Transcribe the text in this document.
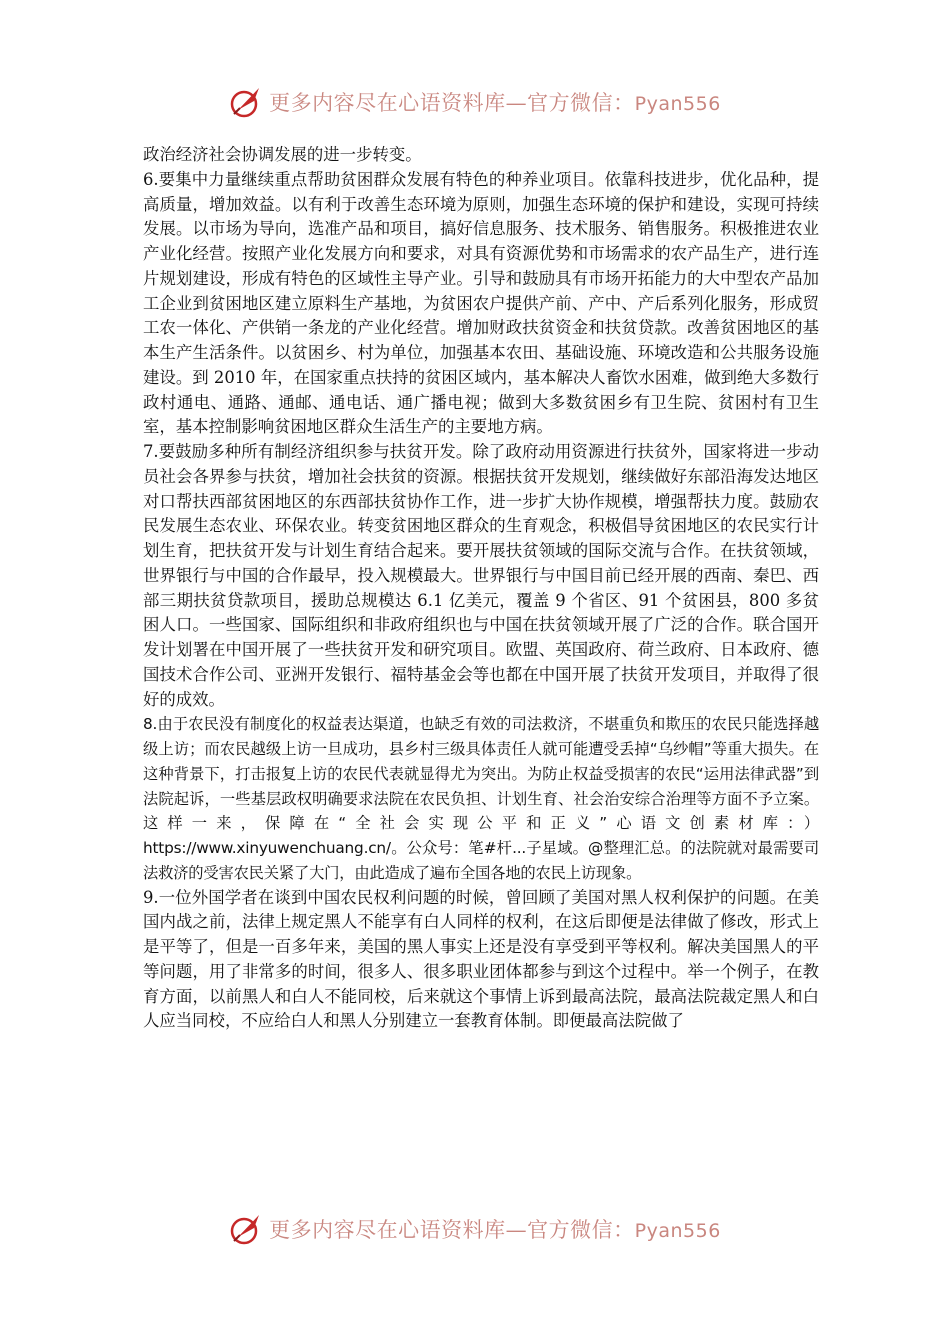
更多内容尽在心语资料库—官方微信：Pyan556

政治经济社会协调发展的进一步转变。

6.要集中力量继续重点帮助贫困群众发展有特色的种养业项目。依靠科技进步，优化品种，提高质量，增加效益。以有利于改善生态环境为原则，加强生态环境的保护和建设，实现可持续发展。以市场为导向，选准产品和项目，搞好信息服务、技术服务、销售服务。积极推进农业产业化经营。按照产业化发展方向和要求，对具有资源优势和市场需求的农产品生产，进行连片规划建设，形成有特色的区域性主导产业。引导和鼓励具有市场开拓能力的大中型农产品加工企业到贫困地区建立原料生产基地，为贫困农户提供产前、产中、产后系列化服务，形成贸工农一体化、产供销一条龙的产业化经营。增加财政扶贫资金和扶贫贷款。改善贫困地区的基本生产生活条件。以贫困乡、村为单位，加强基本农田、基础设施、环境改造和公共服务设施建设。到 2010 年，在国家重点扶持的贫困区域内，基本解决人畜饮水困难，做到绝大多数行政村通电、通路、通邮、通电话、通广播电视；做到大多数贫困乡有卫生院、贫困村有卫生室，基本控制影响贫困地区群众生活生产的主要地方病。

7.要鼓励多种所有制经济组织参与扶贫开发。除了政府动用资源进行扶贫外，国家将进一步动员社会各界参与扶贫，增加社会扶贫的资源。根据扶贫开发规划，继续做好东部沿海发达地区对口帮扶西部贫困地区的东西部扶贫协作工作，进一步扩大协作规模，增强帮扶力度。鼓励农民发展生态农业、环保农业。转变贫困地区群众的生育观念，积极倡导贫困地区的农民实行计划生育，把扶贫开发与计划生育结合起来。要开展扶贫领域的国际交流与合作。在扶贫领域，世界银行与中国的合作最早，投入规模最大。世界银行与中国目前已经开展的西南、秦巴、西部三期扶贫贷款项目，援助总规模达 6.1 亿美元，覆盖 9 个省区、91 个贫困县，800 多贫困人口。一些国家、国际组织和非政府组织也与中国在扶贫领域开展了广泛的合作。联合国开发计划署在中国开展了一些扶贫开发和研究项目。欧盟、英国政府、荷兰政府、日本政府、德国技术合作公司、亚洲开发银行、福特基金会等也都在中国开展了扶贫开发项目，并取得了很好的成效。

8.由于农民没有制度化的权益表达渠道，也缺乏有效的司法救济，不堪重负和欺压的农民只能选择越级上访；而农民越级上访一旦成功，县乡村三级具体责任人就可能遭受丢掉“乌纱帽”等重大损失。在这种背景下，打击报复上访的农民代表就显得尤为突出。为防止权益受损害的农民“运用法律武器”到法院起诉，一些基层政权明确要求法院在农民负担、计划生育、社会治安综合治理等方面不予立案。这样一来，保障在“全社会实现公平和正义”心语文创素材库：）https://www.xinyuwenchuang.cn/。公众号：笔#杆...子星域。@整理汇总。的法院就对最需要司法救济的受害农民关紧了大门，由此造成了遍布全国各地的农民上访现象。

9.一位外国学者在谈到中国农民权利问题的时候，曾回顾了美国对黑人权利保护的问题。在美国内战之前，法律上规定黑人不能享有白人同样的权利，在这后即便是法律做了修改，形式上是平等了，但是一百多年来，美国的黑人事实上还是没有享受到平等权利。解决美国黑人的平等问题，用了非常多的时间，很多人、很多职业团体都参与到这个过程中。举一个例子，在教育方面，以前黑人和白人不能同校，后来就这个事情上诉到最高法院，最高法院裁定黑人和白人应当同校，不应给白人和黑人分别建立一套教育体制。即便最高法院做了

更多内容尽在心语资料库—官方微信：Pyan556
